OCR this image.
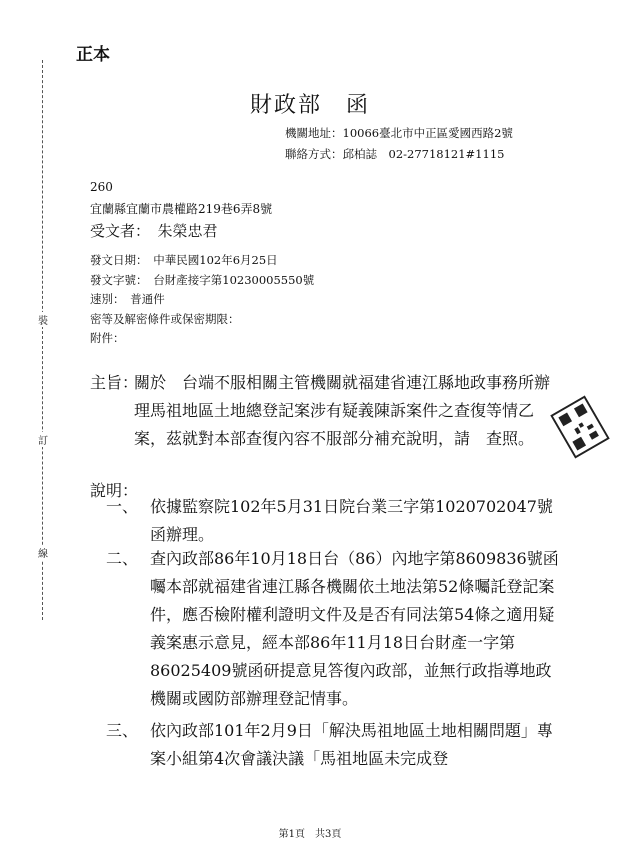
裝
訂
線
正本
財政部　函
機關地址：10066臺北市中正區愛國西路2號
聯絡方式：邱柏誌　02-27718121#1115
260
宜蘭縣宜蘭市農權路219巷6弄8號
受文者：　朱榮忠君
發文日期：　中華民國102年6月25日
發文字號：　台財產接字第10230005550號
速別：　普通件
密等及解密條件或保密期限：
附件：
主旨：
關於　台端不服相關主管機關就福建省連江縣地政事務所辦理馬祖地區土地總登記案涉有疑義陳訴案件之查復等情乙案，茲就對本部查復內容不服部分補充說明，請　查照。
說明：
一、 依據監察院102年5月31日院台業三字第1020702047號函辦理。
二、 查內政部86年10月18日台（86）內地字第8609836號函囑本部就福建省連江縣各機關依土地法第52條囑託登記案件，應否檢附權利證明文件及是否有同法第54條之適用疑義案惠示意見，經本部86年11月18日台財產一字第86025409號函研提意見答復內政部，並無行政指導地政機關或國防部辦理登記情事。
三、 依內政部101年2月9日「解決馬祖地區土地相關問題」專案小組第4次會議決議「馬祖地區未完成登
第1頁　共3頁
